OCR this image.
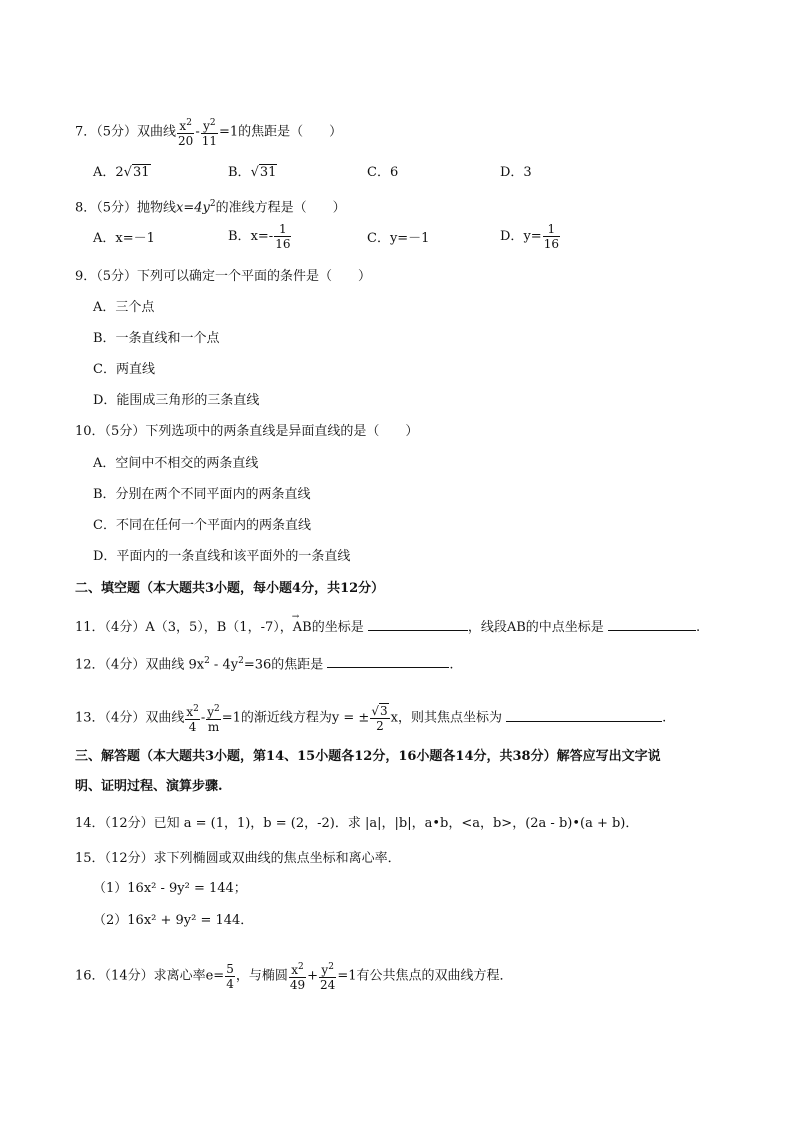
7．（5分）双曲线 $\frac{x^2}{20} - \frac{y^2}{11} =1$的焦距是（　　）
A．2√31	B．√31	C．6	D．3
8．（5分）抛物线$x=4y^2$的准线方程是（　　）
A．x=－1	B．$x=- \frac{1}{16}$	C．y=－1	D．$y= \frac{1}{16}$
9．（5分）下列可以确定一个平面的条件是（　　）
A．三个点
B．一条直线和一个点
C．两直线
D．能围成三角形的三条直线
10．（5分）下列选项中的两条直线是异面直线的是（　　）
A．空间中不相交的两条直线
B．分别在两个不同平面内的两条直线
C．不同在任何一个平面内的两条直线
D．平面内的一条直线和该平面外的一条直线
二、填空题（本大题共3小题，每小题4分，共12分）
11．（4分）A（3，5），B（1，-7），→ AB的坐标是	，线段AB的中点坐标是	.
12．（4分）双曲线 $9x^2 - 4y^2=36$的焦距是	.
13．（4分）双曲线 $\frac{x^2}{4} - \frac{y^2}{m} =1$的渐近线方程为y = ± $\frac{√3}{2}$ x，则其焦点坐标为	.
三、解答题（本大题共3小题，第14、15小题各12分，16小题各14分，共38分）解答应写出文字说
明、证明过程、演算步骤.
14．（12分）已知 a = (1，1)，b = (2，-2)．求 |a|，|b|，a•b，<a，b>，(2a - b)•(a + b)．
15．（12分）求下列椭圆或双曲线的焦点坐标和离心率．
（1）16x² - 9y² = 144；
（2）16x² + 9y² = 144．
16．（14分）求离心率$e= \frac{5}{4}$ ，与椭圆 $\frac{x^2}{49} + \frac{y^2}{24} =1$有公共焦点的双曲线方程．
